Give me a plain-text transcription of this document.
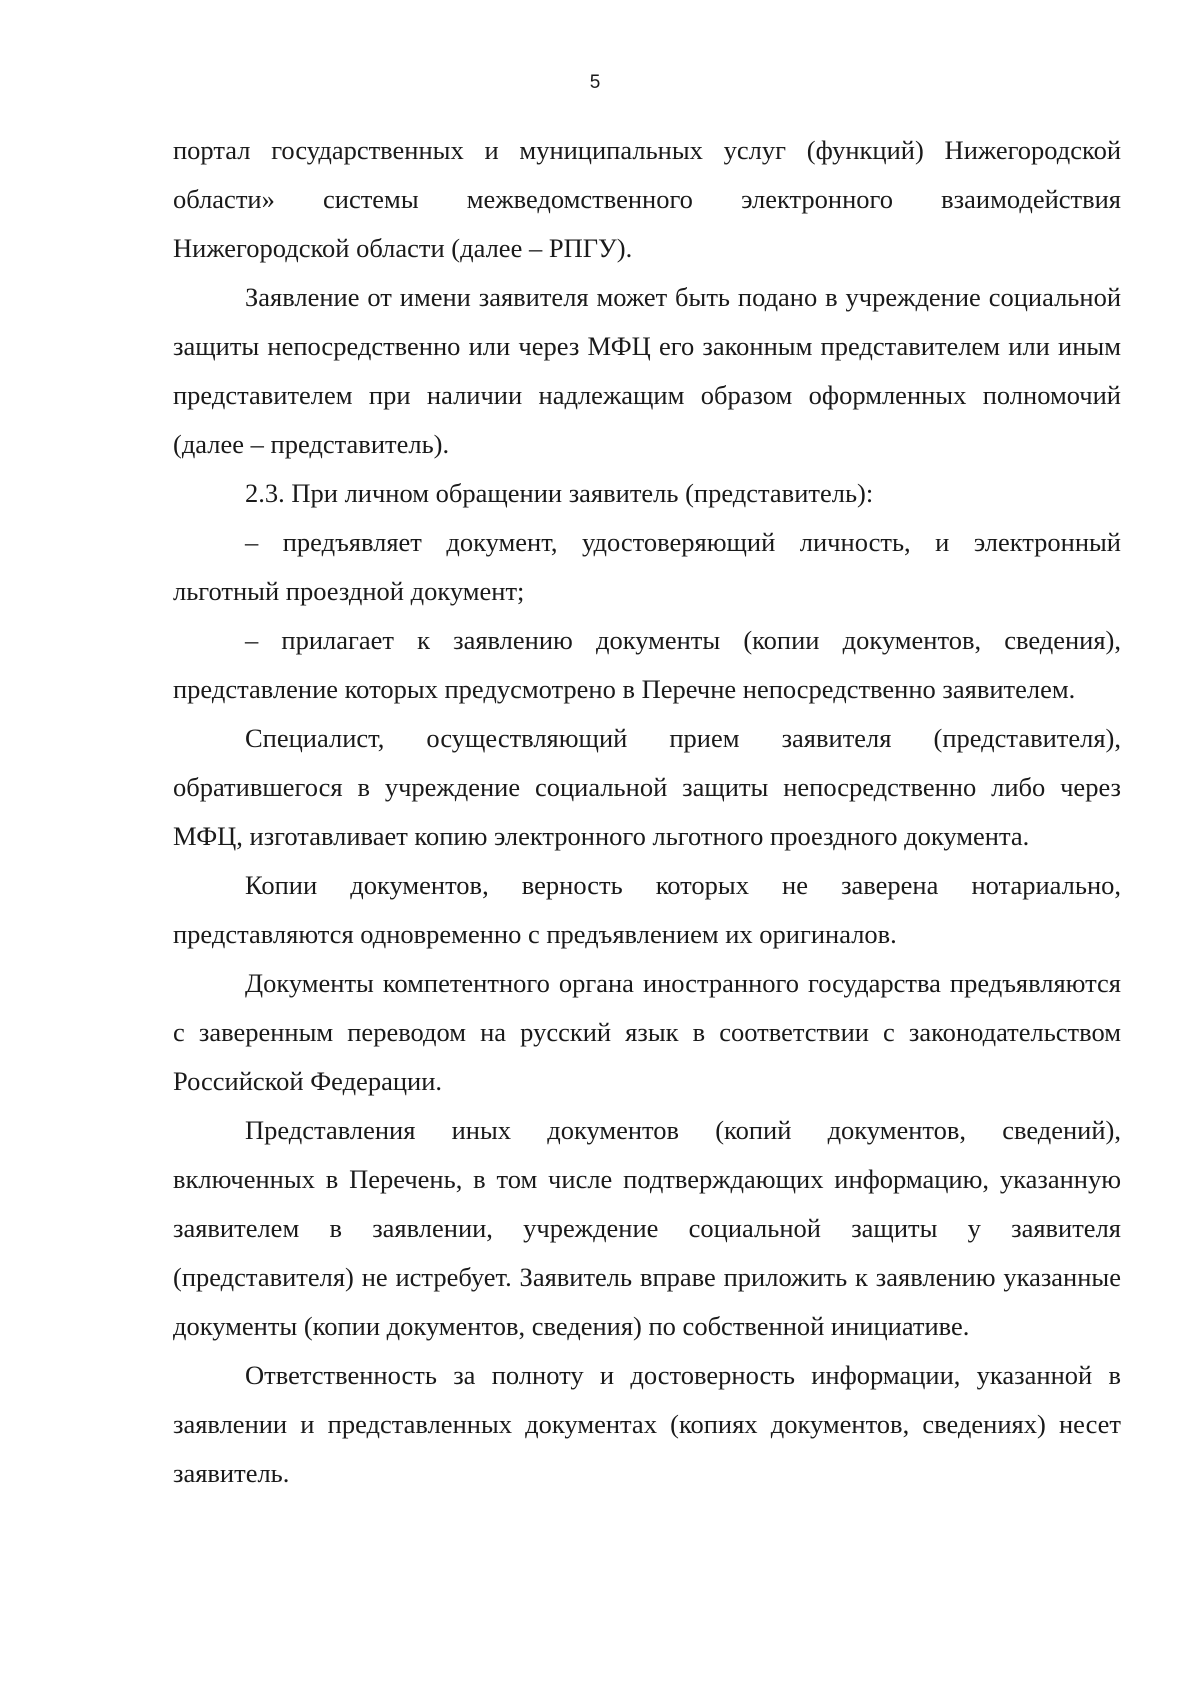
5

портал государственных и муниципальных услуг (функций) Нижегородской области» системы межведомственного электронного взаимодействия Нижегородской области (далее – РПГУ).

Заявление от имени заявителя может быть подано в учреждение социальной защиты непосредственно или через МФЦ его законным представителем или иным представителем при наличии надлежащим образом оформленных полномочий (далее – представитель).

2.3. При личном обращении заявитель (представитель):

– предъявляет документ, удостоверяющий личность, и электронный льготный проездной документ;

– прилагает к заявлению документы (копии документов, сведения), представление которых предусмотрено в Перечне непосредственно заявителем.

Специалист, осуществляющий прием заявителя (представителя), обратившегося в учреждение социальной защиты непосредственно либо через МФЦ, изготавливает копию электронного льготного проездного документа.

Копии документов, верность которых не заверена нотариально, представляются одновременно с предъявлением их оригиналов.

Документы компетентного органа иностранного государства предъявляются с заверенным переводом на русский язык в соответствии с законодательством Российской Федерации.

Представления иных документов (копий документов, сведений), включенных в Перечень, в том числе подтверждающих информацию, указанную заявителем в заявлении, учреждение социальной защиты у заявителя (представителя) не истребует. Заявитель вправе приложить к заявлению указанные документы (копии документов, сведения) по собственной инициативе.

Ответственность за полноту и достоверность информации, указанной в заявлении и представленных документах (копиях документов, сведениях) несет заявитель.
